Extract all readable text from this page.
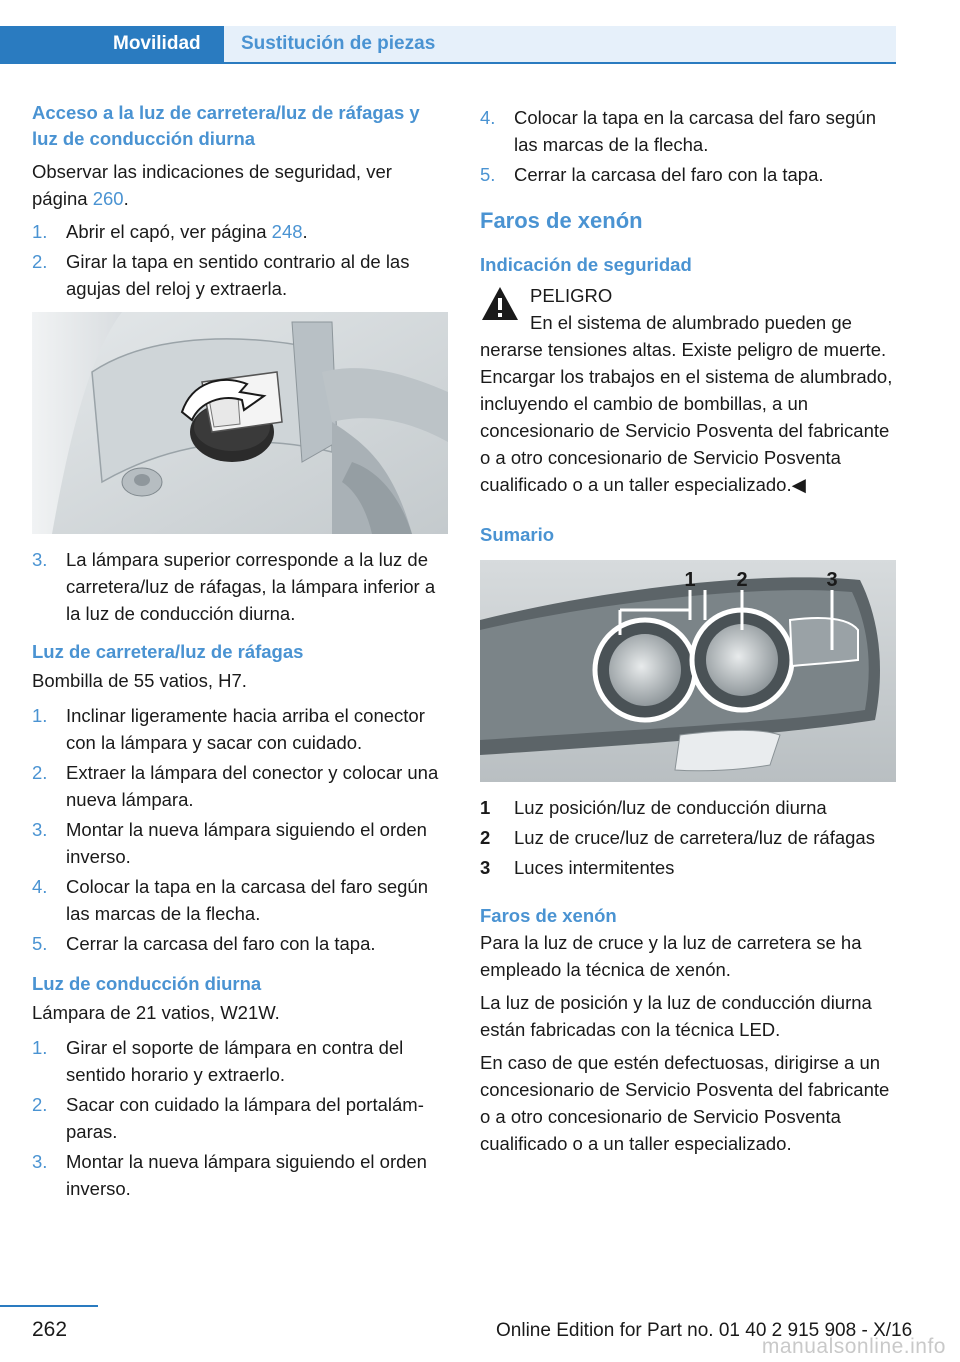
Movilidad	Sustitución de piezas
Acceso a la luz de carretera/luz de ráfagas y luz de conducción diurna

Observar las indicaciones de seguridad, ver página 260.

1. Abrir el capó, ver página 248.
2. Girar la tapa en sentido contrario al de las agujas del reloj y extraerla.
3. La lámpara superior corresponde a la luz de carretera/luz de ráfagas, la lámpara inferior a la luz de conducción diurna.
Luz de carretera/luz de ráfagas

Bombilla de 55 vatios, H7.

1. Inclinar ligeramente hacia arriba el conector con la lámpara y sacar con cuidado.
2. Extraer la lámpara del conector y colocar una nueva lámpara.
3. Montar la nueva lámpara siguiendo el orden inverso.
4. Colocar la tapa en la carcasa del faro según las marcas de la flecha.
5. Cerrar la carcasa del faro con la tapa.
Luz de conducción diurna

Lámpara de 21 vatios, W21W.

1. Girar el soporte de lámpara en contra del sentido horario y extraerlo.
2. Sacar con cuidado la lámpara del portalámparas.
3. Montar la nueva lámpara siguiendo el orden inverso.
4. Colocar la tapa en la carcasa del faro según las marcas de la flecha.
5. Cerrar la carcasa del faro con la tapa.
Faros de xenón
Indicación de seguridad
PELIGRO
En el sistema de alumbrado pueden ge

nerarse tensiones altas. Existe peligro de muerte. Encargar los trabajos en el sistema de alumbrado, incluyendo el cambio de bombillas, a un concesionario de Servicio Posventa del fabricante o a otro concesionario de Servicio Posventa cualificado o a un taller especializado.◀

Sumario
1 2	3
1 Luz posición/luz de conducción diurna
2 Luz de cruce/luz de carretera/luz de ráfagas
3 Luces intermitentes
Faros de xenón

Para la luz de cruce y la luz de carretera se ha empleado la técnica de xenón.

La luz de posición y la luz de conducción diurna están fabricadas con la técnica LED.

En caso de que estén defectuosas, dirigirse a un concesionario de Servicio Posventa del fabricante o a otro concesionario de Servicio Posventa cualificado o a un taller especializado.

262	Online Edition for Part no. 01 40 2 915 908 - X/16
manualsonline.info
